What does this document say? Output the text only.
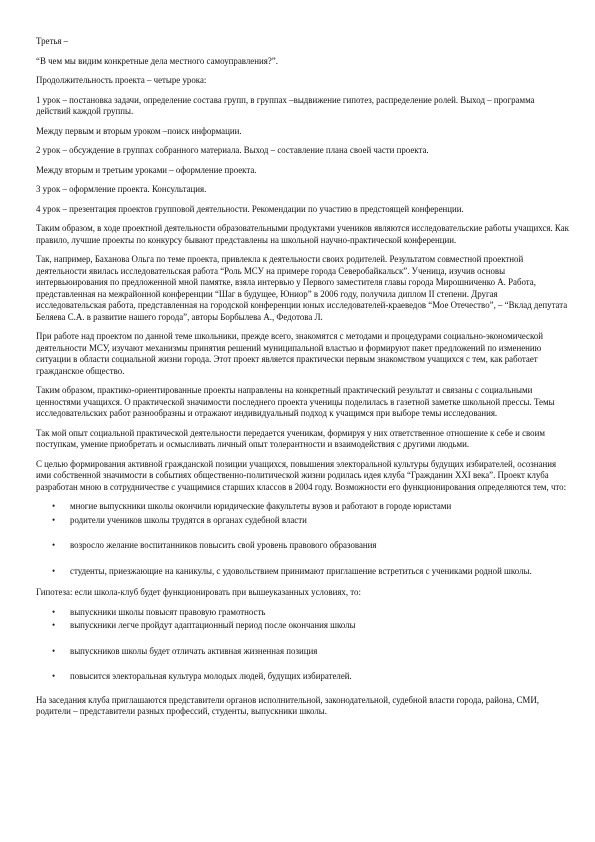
Третья –

“В чем мы видим конкретные дела местного самоуправления?”.

Продолжительность проекта – четыре урока:

1 урок – постановка задачи, определение состава групп, в группах –выдвижение гипотез, распределение ролей. Выход – программа действий каждой группы.

Между первым и вторым уроком –поиск информации.

2 урок – обсуждение в группах собранного материала. Выход – составление плана своей части проекта.

Между вторым и третьим уроками – оформление проекта.

3 урок – оформление проекта. Консультация.

4 урок – презентация проектов групповой деятельности. Рекомендации по участию в предстоящей конференции.

Таким образом, в ходе проектной деятельности образовательными продуктами учеников являются исследовательские работы учащихся. Как правило, лучшие проекты по конкурсу бывают представлены на школьной научно-практической конференции.

Так, например, Баханова Ольга по теме проекта, привлекла к деятельности своих родителей. Результатом совместной проектной деятельности явилась исследовательская работа “Роль МСУ на примере города Северобайкальск”. Ученица, изучив основы интервьюирования по предложенной мной памятке, взяла интервью у Первого заместителя главы города Мирошниченко А. Работа, представленная на межрайонной конференции “Шаг в будущее, Юниор” в 2006 году, получила диплом II степени. Другая исследовательская работа, представленная на городской конференции юных исследователей-краеведов “Мое Отечество”, – “Вклад депутата Беляева С.А. в развитие нашего города”, авторы Борбылева А., Федотова Л.

При работе над проектом по данной теме школьники, прежде всего, знакомятся с методами и процедурами социально-экономической деятельности МСУ, изучают механизмы принятия решений муниципальной властью и формируют пакет предложений по изменению ситуации в области социальной жизни города. Этот проект является практически первым знакомством учащихся с тем, как работает гражданское общество.

Таким образом, практико-ориентированные проекты направлены на конкретный практический результат и связаны с социальными ценностями учащихся. О практической значимости последнего проекта ученицы поделилась в газетной заметке школьной прессы. Темы исследовательских работ разнообразны и отражают индивидуальный подход к учащимся при выборе темы исследования.

Так мой опыт социальной практической деятельности передается ученикам, формируя у них ответственное отношение к себе и своим поступкам, умение приобретать и осмысливать личный опыт толерантности и взаимодействия с другими людьми.

С целью формирования активной гражданской позиции учащихся, повышения электоральной культуры будущих избирателей, осознания ими собственной значимости в событиях общественно-политической жизни родилась идея клуба “Гражданин XXI века”. Проект клуба разработан мною в сотрудничестве с учащимися старших классов в 2004 году. Возможности его функционирования определяются тем, что:

• многие выпускники школы окончили юридические факультеты вузов и работают в городе юристами
• родители учеников школы трудятся в органах судебной власти
• возросло желание воспитанников повысить свой уровень правового образования
• студенты, приезжающие на каникулы, с удовольствием принимают приглашение встретиться с учениками родной школы.

Гипотеза: если школа-клуб будет функционировать при вышеуказанных условиях, то:

• выпускники школы повысят правовую грамотность
• выпускники легче пройдут адаптационный период после окончания школы
• выпускников школы будет отличать активная жизненная позиция
• повысится электоральная культура молодых людей, будущих избирателей.

На заседания клуба приглашаются представители органов исполнительной, законодательной, судебной власти города, района, СМИ, родители – представители разных профессий, студенты, выпускники школы.
